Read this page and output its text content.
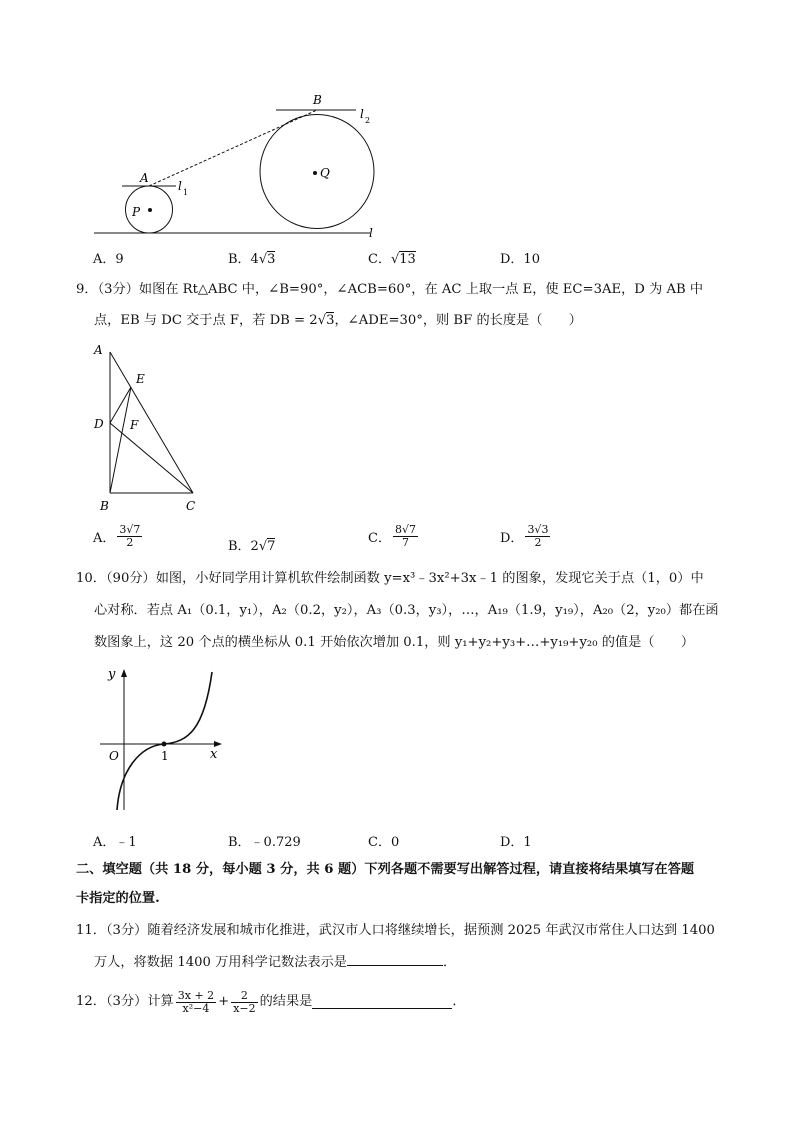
B
l 2
Q
A
l 1
P
l
A．9	B．4√3	C．√13	D．10
9．（3分）如图在 Rt△ABC 中，∠B=90°，∠ACB=60°，在 AC 上取一点 E，使 EC=3AE，D 为 AB 中
点，EB 与 DC 交于点 F，若 DB = 2√3，∠ADE=30°，则 BF 的长度是（　　）
A
E
D F
B	C
A． $\frac{3√7}{2}$	B．2√7
C． $\frac{8√7}{7}$	D． $\frac{3√3}{2}$
10．（90分）如图，小好同学用计算机软件绘制函数 y=x³﹣3x²+3x﹣1 的图象，发现它关于点（1，0）中
心对称．若点 A₁（0.1，y₁），A₂（0.2，y₂），A₃（0.3，y₃），…，A₁₉（1.9，y₁₉），A₂₀（2，y₂₀）都在函
数图象上，这 20 个点的横坐标从 0.1 开始依次增加 0.1，则 y₁+y₂+y₃+…+y₁₉+y₂₀ 的值是（　　）
y
O	1	x
A．﹣1	B．﹣0.729	C．0	D．1
二、填空题（共 18 分，每小题 3 分，共 6 题）下列各题不需要写出解答过程，请直接将结果填写在答题
卡指定的位置.
11．（3分）随着经济发展和城市化推进，武汉市人口将继续增长，据预测 2025 年武汉市常住人口达到 1400
万人，将数据 1400 万用科学记数法表示是	．
12．（3分）计算 $\frac{3x + 2}{\text{x²−4}} + \frac{2}{x-2}$ 的结果是	．
